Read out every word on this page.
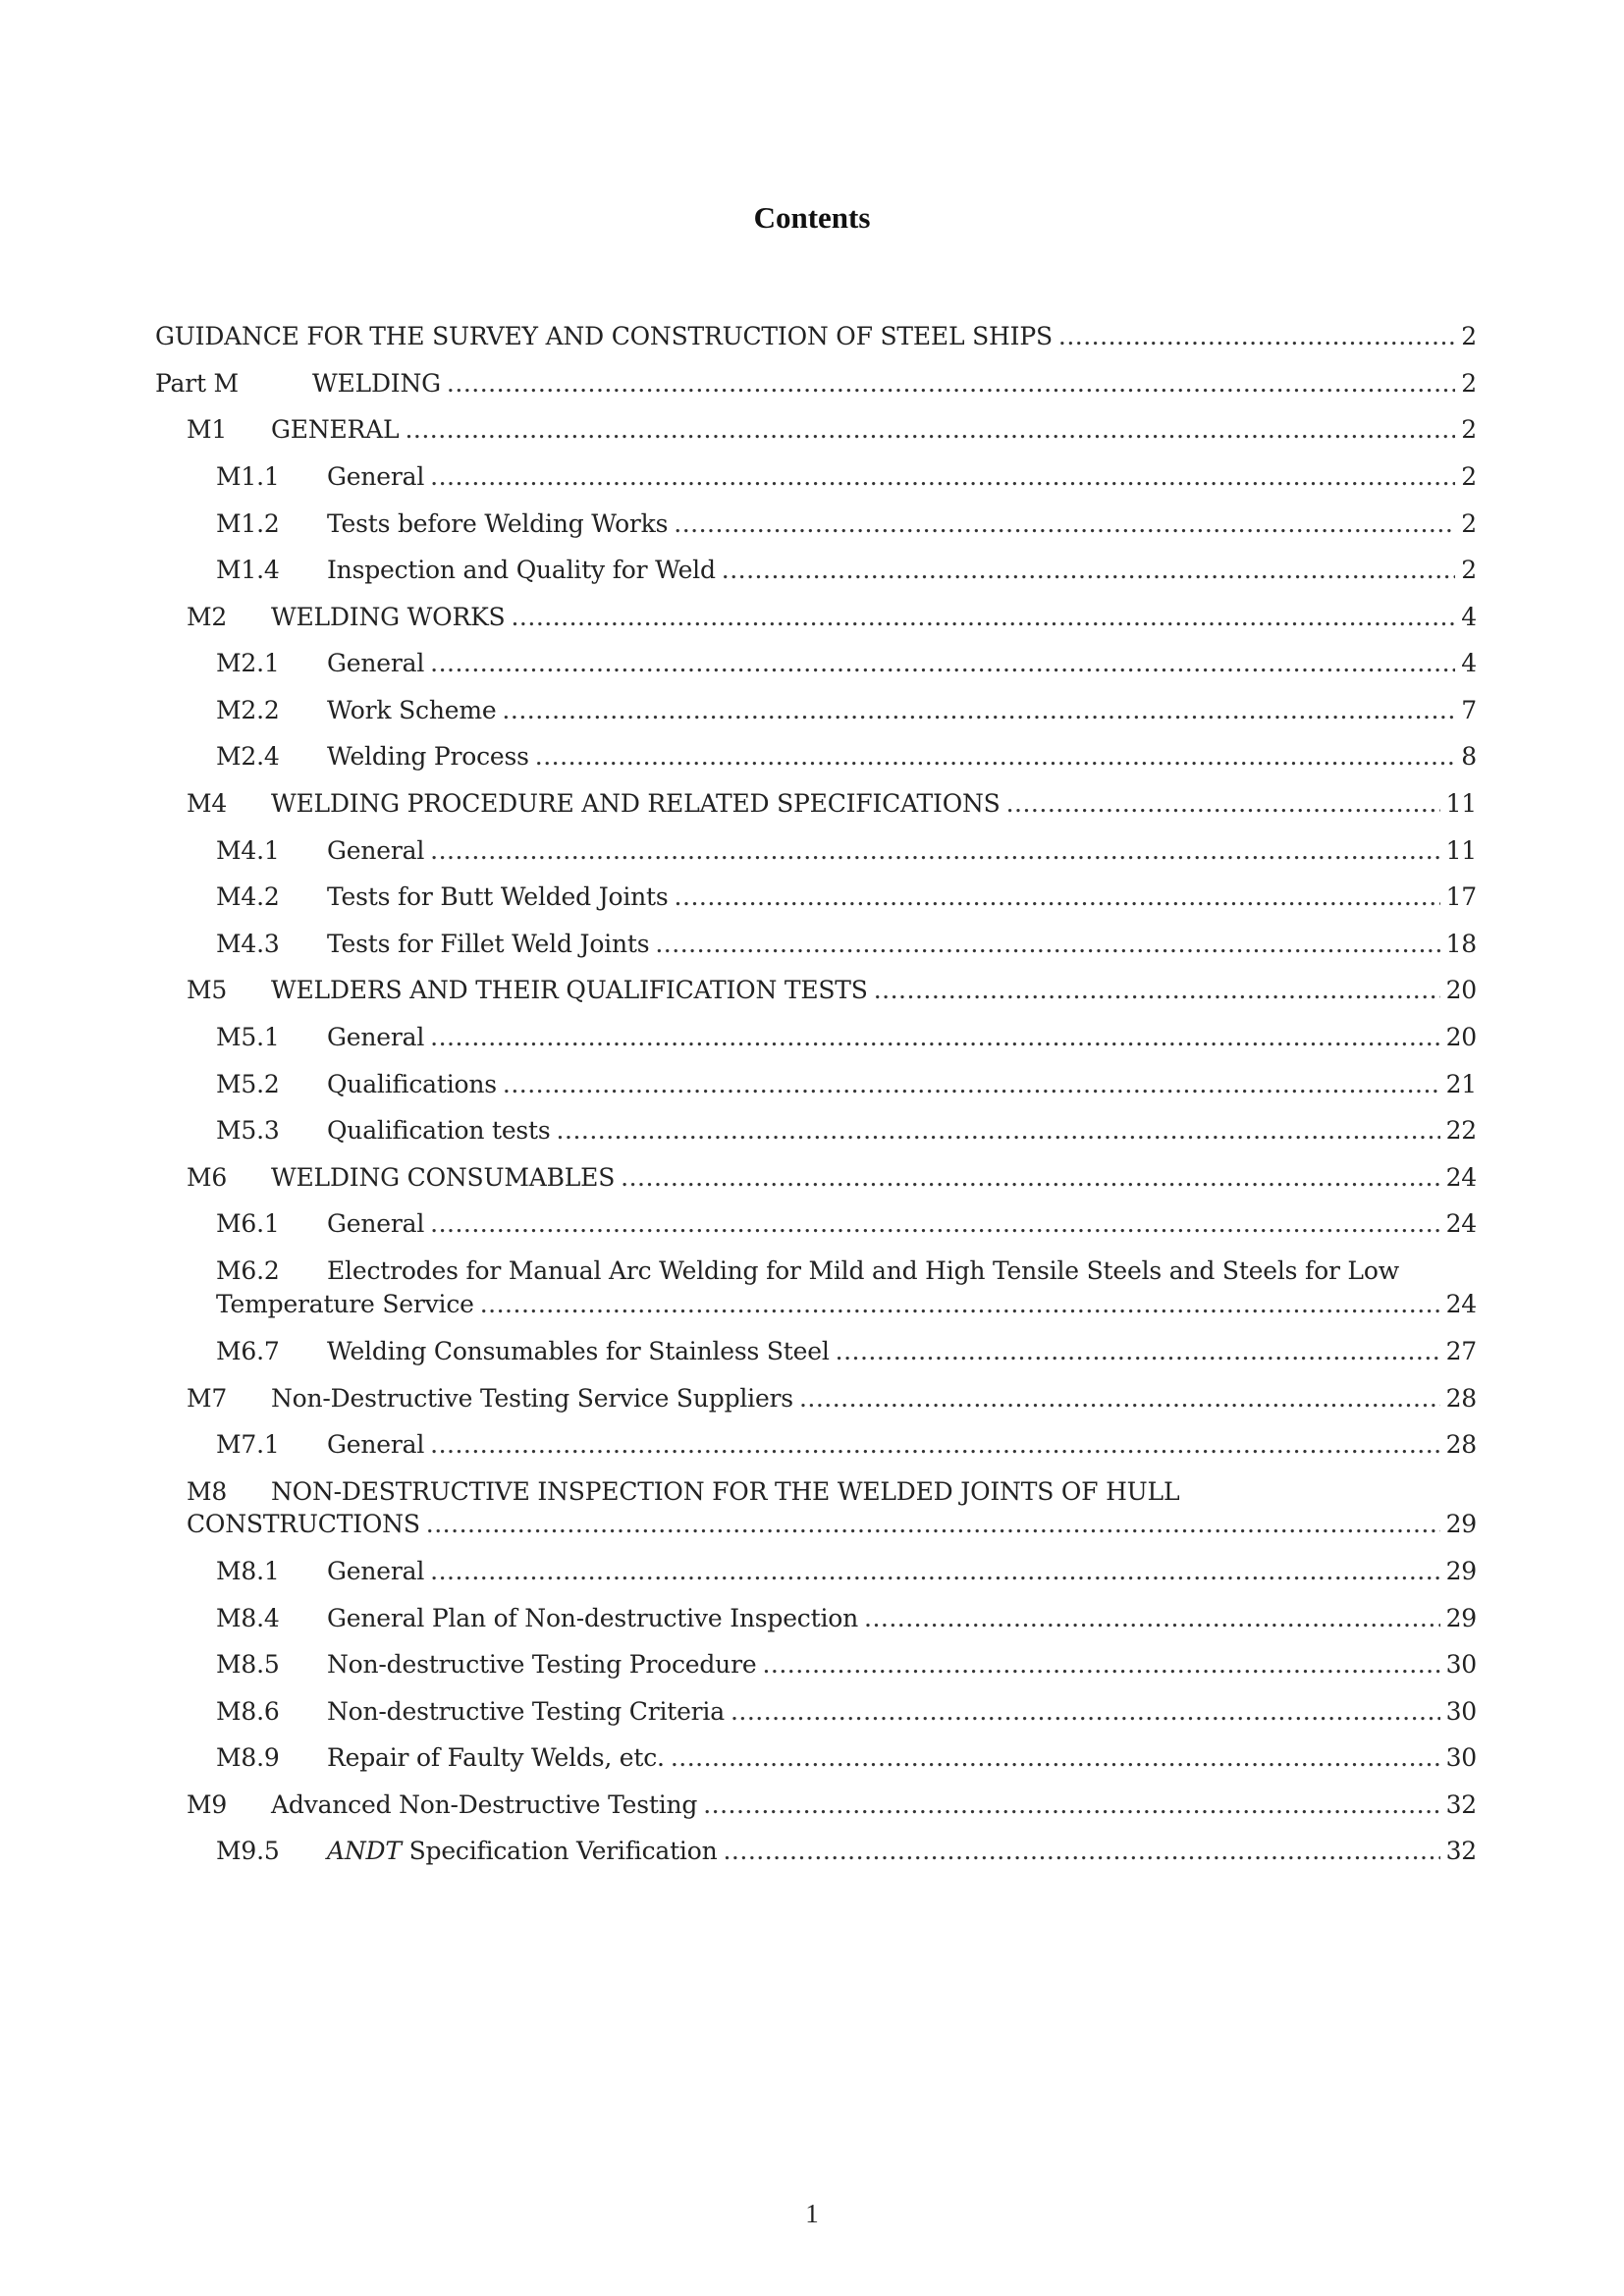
Contents
GUIDANCE FOR THE SURVEY AND CONSTRUCTION OF STEEL SHIPS .....	2
Part M	WELDING .....	2
M1	GENERAL .....	2
M1.1	General .....	2
M1.2	Tests before Welding Works .....	2
M1.4	Inspection and Quality for Weld .....	2
M2	WELDING WORKS .....	4
M2.1	General .....	4
M2.2	Work Scheme .....	7
M2.4	Welding Process .....	8
M4	WELDING PROCEDURE AND RELATED SPECIFICATIONS .....	11
M4.1	General .....	11
M4.2	Tests for Butt Welded Joints .....	17
M4.3	Tests for Fillet Weld Joints .....	18
M5	WELDERS AND THEIR QUALIFICATION TESTS .....	20
M5.1	General .....	20
M5.2	Qualifications .....	21
M5.3	Qualification tests .....	22
M6	WELDING CONSUMABLES .....	24
M6.1	General .....	24
M6.2 Electrodes for Manual Arc Welding for Mild and High Tensile Steels and Steels for Low
Temperature Service .....	24
M6.7	Welding Consumables for Stainless Steel .....	27
M7	Non-Destructive Testing Service Suppliers .....	28
M7.1	General .....	28
M8 NON-DESTRUCTIVE INSPECTION FOR THE WELDED JOINTS OF HULL
CONSTRUCTIONS .....	29
M8.1	General .....	29
M8.4	General Plan of Non-destructive Inspection .....	29
M8.5	Non-destructive Testing Procedure .....	30
M8.6	Non-destructive Testing Criteria .....	30
M8.9	Repair of Faulty Welds, etc. .....	30
M9	Advanced Non-Destructive Testing .....	32
M9.5	ANDT Specification Verification .....	32
1
